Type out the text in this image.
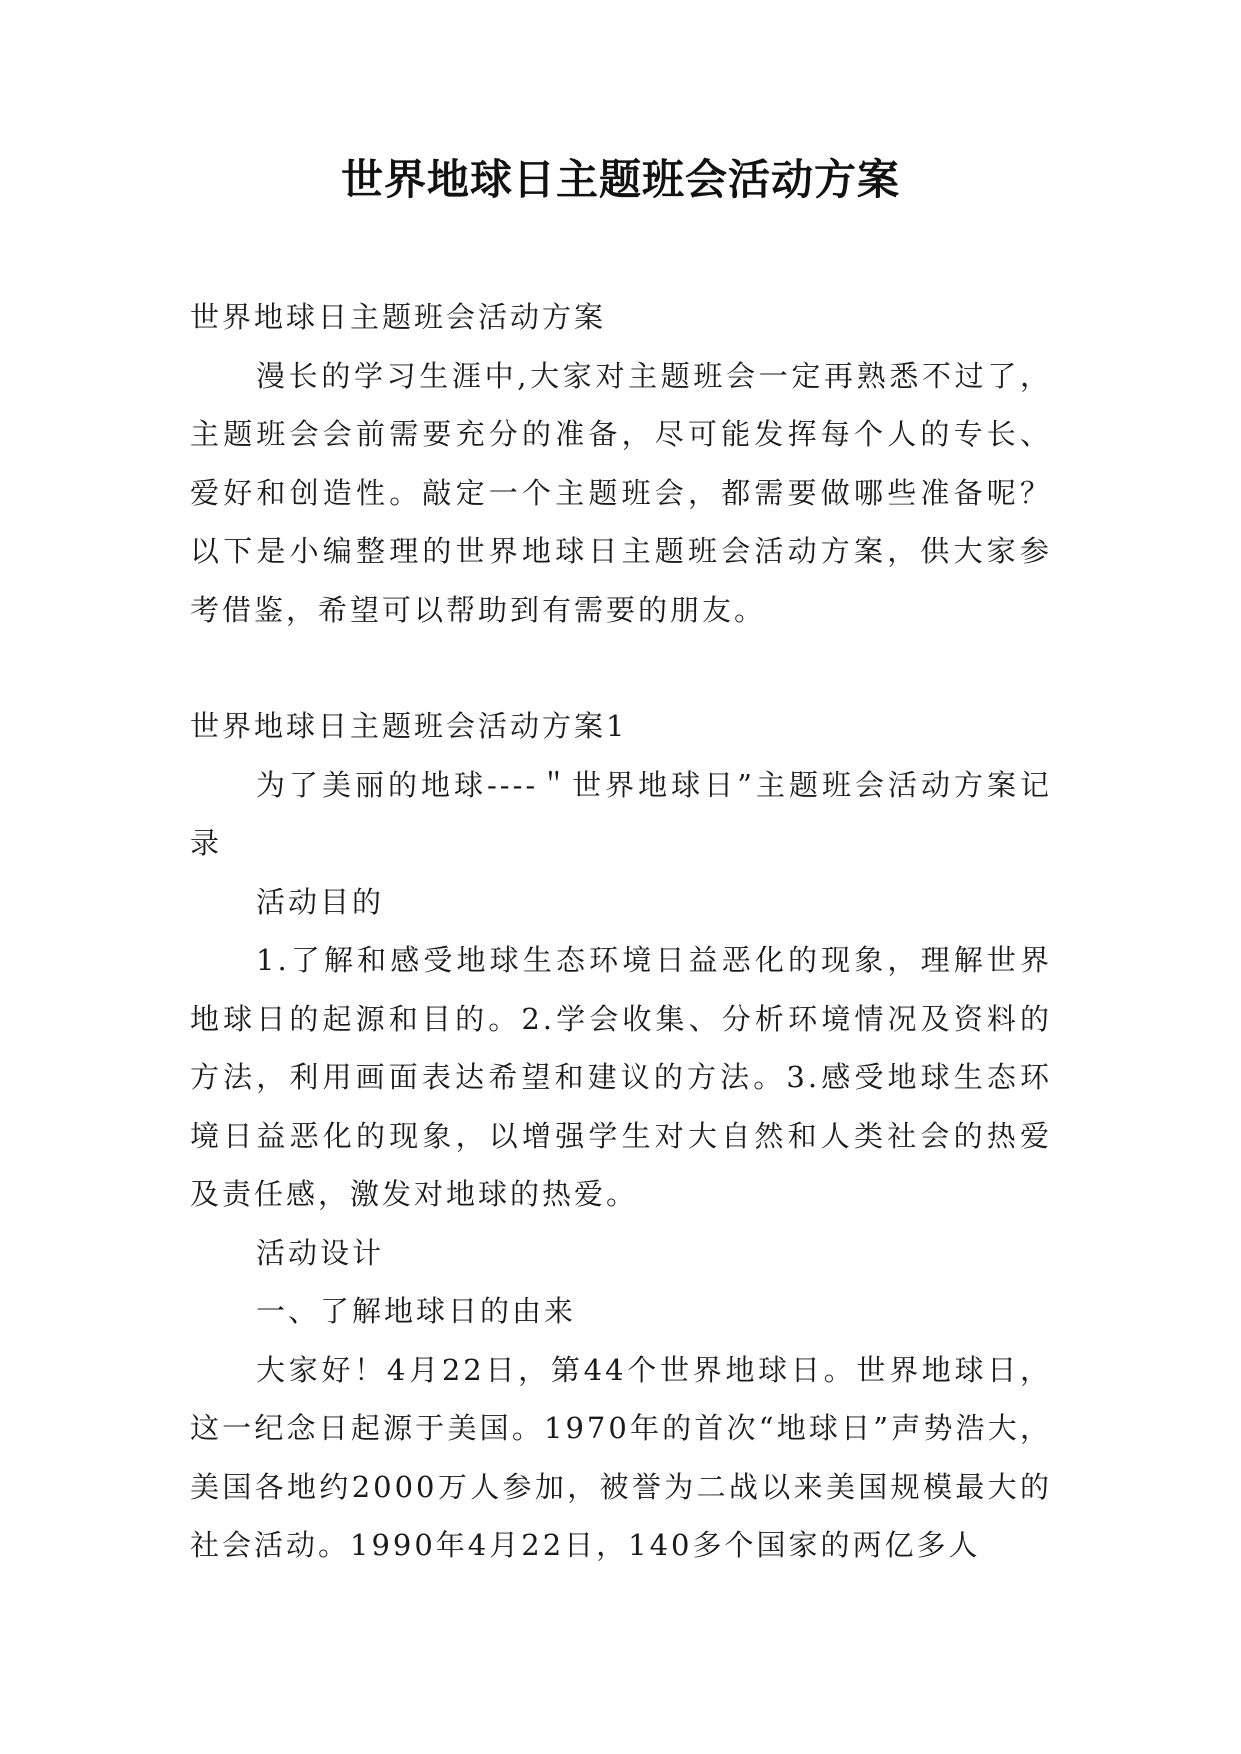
世界地球日主题班会活动方案

世界地球日主题班会活动方案

漫长的学习生涯中,大家对主题班会一定再熟悉不过了，主题班会会前需要充分的准备，尽可能发挥每个人的专长、爱好和创造性。敲定一个主题班会，都需要做哪些准备呢？以下是小编整理的世界地球日主题班会活动方案，供大家参考借鉴，希望可以帮助到有需要的朋友。

世界地球日主题班会活动方案1

为了美丽的地球----＂世界地球日”主题班会活动方案记录

活动目的

1.了解和感受地球生态环境日益恶化的现象，理解世界地球日的起源和目的。2.学会收集、分析环境情况及资料的方法，利用画面表达希望和建议的方法。3.感受地球生态环境日益恶化的现象，以增强学生对大自然和人类社会的热爱及责任感，激发对地球的热爱。

活动设计

一、了解地球日的由来

大家好！4月22日，第44个世界地球日。世界地球日，这一纪念日起源于美国。1970年的首次“地球日”声势浩大，美国各地约2000万人参加，被誉为二战以来美国规模最大的社会活动。1990年4月22日，140多个国家的两亿多人
